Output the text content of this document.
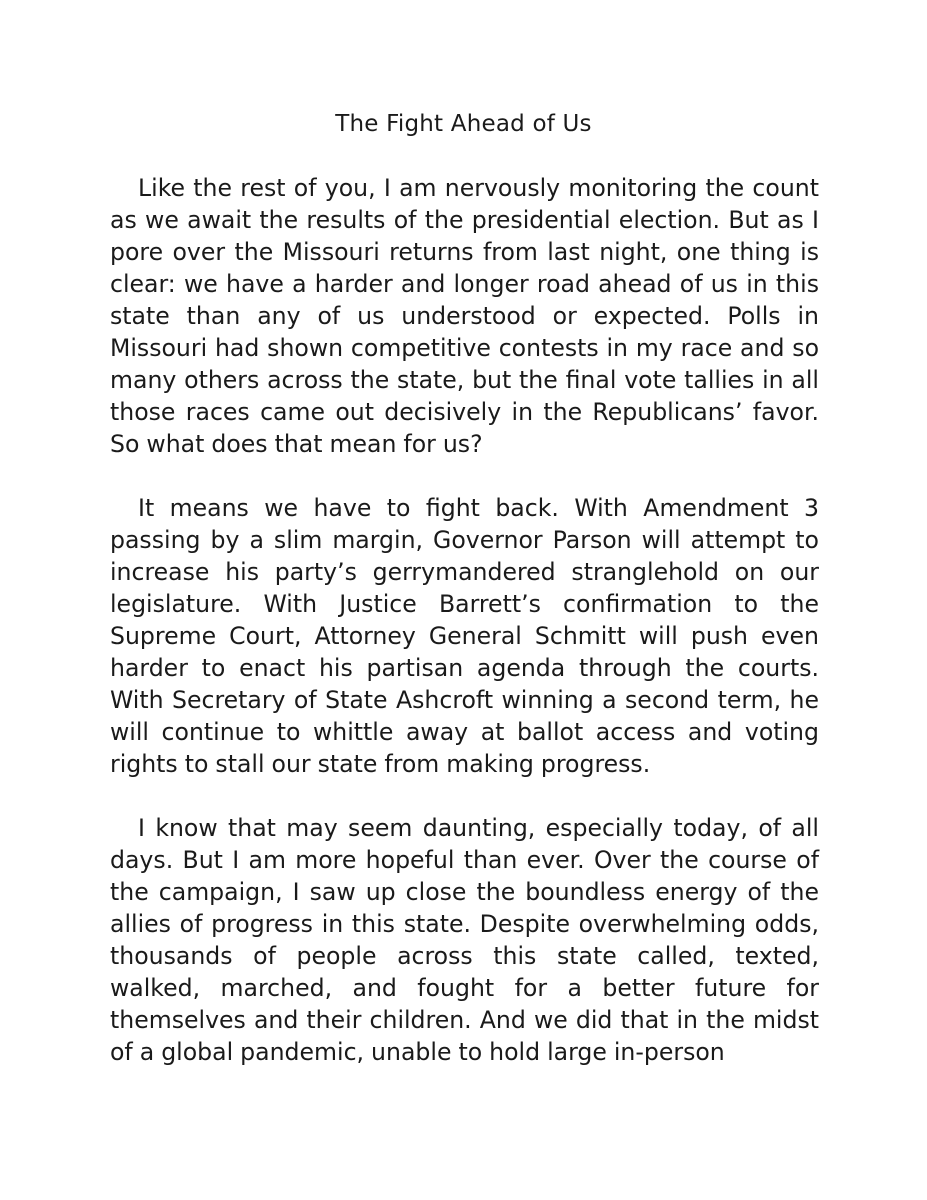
The Fight Ahead of Us

Like the rest of you, I am nervously monitoring the count as we await the results of the presidential election. But as I pore over the Missouri returns from last night, one thing is clear: we have a harder and longer road ahead of us in this state than any of us understood or expected. Polls in Missouri had shown competitive contests in my race and so many others across the state, but the final vote tallies in all those races came out decisively in the Republicans’ favor. So what does that mean for us?

It means we have to fight back. With Amendment 3 passing by a slim margin, Governor Parson will attempt to increase his party’s gerrymandered stranglehold on our legislature. With Justice Barrett’s confirmation to the Supreme Court, Attorney General Schmitt will push even harder to enact his partisan agenda through the courts. With Secretary of State Ashcroft winning a second term, he will continue to whittle away at ballot access and voting rights to stall our state from making progress.

I know that may seem daunting, especially today, of all days. But I am more hopeful than ever. Over the course of the campaign, I saw up close the boundless energy of the allies of progress in this state. Despite overwhelming odds, thousands of people across this state called, texted, walked, marched, and fought for a better future for themselves and their children. And we did that in the midst of a global pandemic, unable to hold large in-person
